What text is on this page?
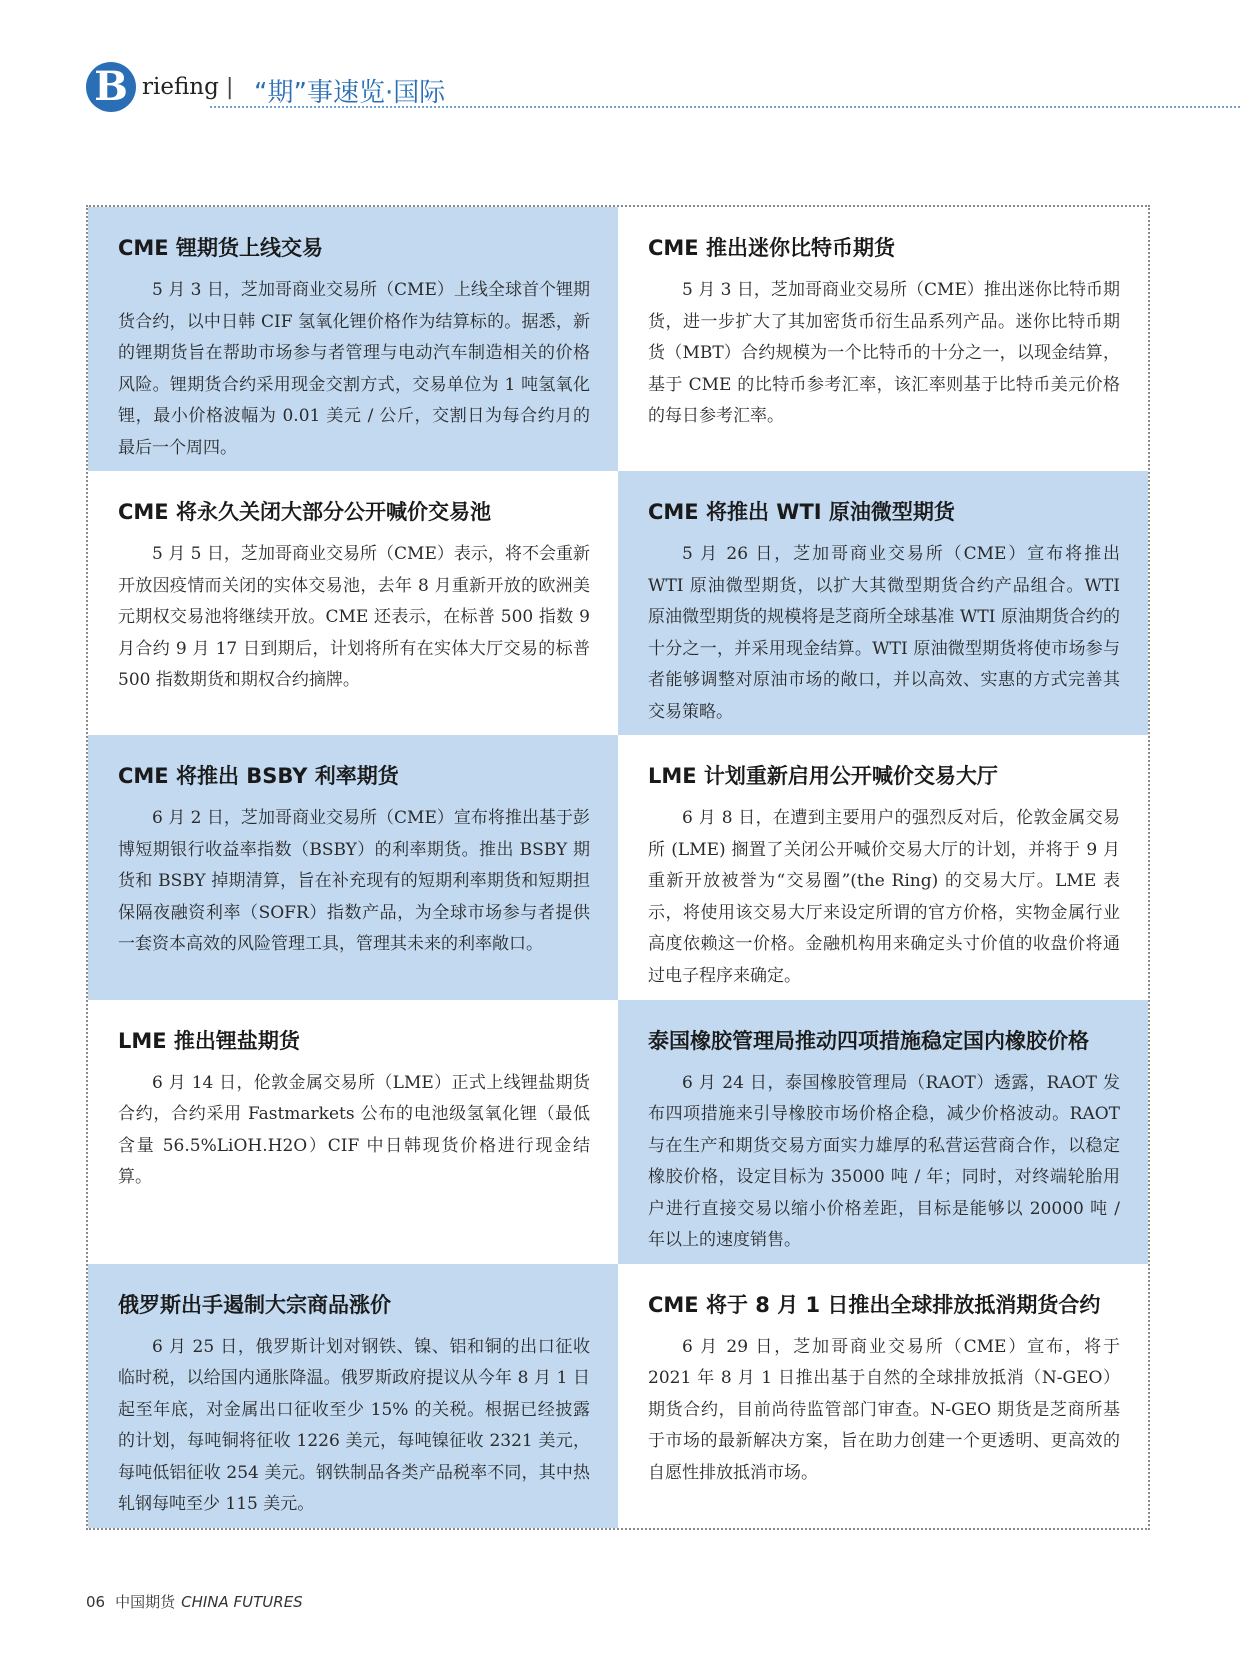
B riefing | “期”事速览·国际
CME 锂期货上线交易

5 月 3 日，芝加哥商业交易所（CME）上线全球首个锂期货合约，以中日韩 CIF 氢氧化锂价格作为结算标的。据悉，新的锂期货旨在帮助市场参与者管理与电动汽车制造相关的价格风险。锂期货合约采用现金交割方式，交易单位为 1 吨氢氧化锂，最小价格波幅为 0.01 美元 / 公斤，交割日为每合约月的最后一个周四。

CME 推出迷你比特币期货

5 月 3 日，芝加哥商业交易所（CME）推出迷你比特币期货，进一步扩大了其加密货币衍生品系列产品。迷你比特币期货（MBT）合约规模为一个比特币的十分之一，以现金结算，基于 CME 的比特币参考汇率，该汇率则基于比特币美元价格的每日参考汇率。

CME 将永久关闭大部分公开喊价交易池

5 月 5 日，芝加哥商业交易所（CME）表示，将不会重新开放因疫情而关闭的实体交易池，去年 8 月重新开放的欧洲美元期权交易池将继续开放。CME 还表示，在标普 500 指数 9 月合约 9 月 17 日到期后，计划将所有在实体大厅交易的标普 500 指数期货和期权合约摘牌。

CME 将推出 WTI 原油微型期货

5 月 26 日，芝加哥商业交易所（CME）宣布将推出 WTI 原油微型期货，以扩大其微型期货合约产品组合。WTI 原油微型期货的规模将是芝商所全球基准 WTI 原油期货合约的十分之一，并采用现金结算。WTI 原油微型期货将使市场参与者能够调整对原油市场的敞口，并以高效、实惠的方式完善其交易策略。

CME 将推出 BSBY 利率期货

6 月 2 日，芝加哥商业交易所（CME）宣布将推出基于彭博短期银行收益率指数（BSBY）的利率期货。推出 BSBY 期货和 BSBY 掉期清算，旨在补充现有的短期利率期货和短期担保隔夜融资利率（SOFR）指数产品，为全球市场参与者提供一套资本高效的风险管理工具，管理其未来的利率敞口。

LME 计划重新启用公开喊价交易大厅

6 月 8 日，在遭到主要用户的强烈反对后，伦敦金属交易所 (LME) 搁置了关闭公开喊价交易大厅的计划，并将于 9 月重新开放被誉为“交易圈”(the Ring) 的交易大厅。LME 表示，将使用该交易大厅来设定所谓的官方价格，实物金属行业高度依赖这一价格。金融机构用来确定头寸价值的收盘价将通过电子程序来确定。

LME 推出锂盐期货

6 月 14 日，伦敦金属交易所（LME）正式上线锂盐期货合约，合约采用 Fastmarkets 公布的电池级氢氧化锂（最低含量 56.5%LiOH.H2O）CIF 中日韩现货价格进行现金结算。

泰国橡胶管理局推动四项措施稳定国内橡胶价格

6 月 24 日，泰国橡胶管理局（RAOT）透露，RAOT 发布四项措施来引导橡胶市场价格企稳，减少价格波动。RAOT 与在生产和期货交易方面实力雄厚的私营运营商合作，以稳定橡胶价格，设定目标为 35000 吨 / 年；同时，对终端轮胎用户进行直接交易以缩小价格差距，目标是能够以 20000 吨 / 年以上的速度销售。

俄罗斯出手遏制大宗商品涨价

6 月 25 日，俄罗斯计划对钢铁、镍、铝和铜的出口征收临时税，以给国内通胀降温。俄罗斯政府提议从今年 8 月 1 日起至年底，对金属出口征收至少 15% 的关税。根据已经披露的计划，每吨铜将征收 1226 美元，每吨镍征收 2321 美元，每吨低铝征收 254 美元。钢铁制品各类产品税率不同，其中热轧钢每吨至少 115 美元。

CME 将于 8 月 1 日推出全球排放抵消期货合约

6 月 29 日，芝加哥商业交易所（CME）宣布，将于 2021 年 8 月 1 日推出基于自然的全球排放抵消（N-GEO）期货合约，目前尚待监管部门审查。N-GEO 期货是芝商所基于市场的最新解决方案，旨在助力创建一个更透明、更高效的自愿性排放抵消市场。

06 中国期货 CHINA FUTURES
